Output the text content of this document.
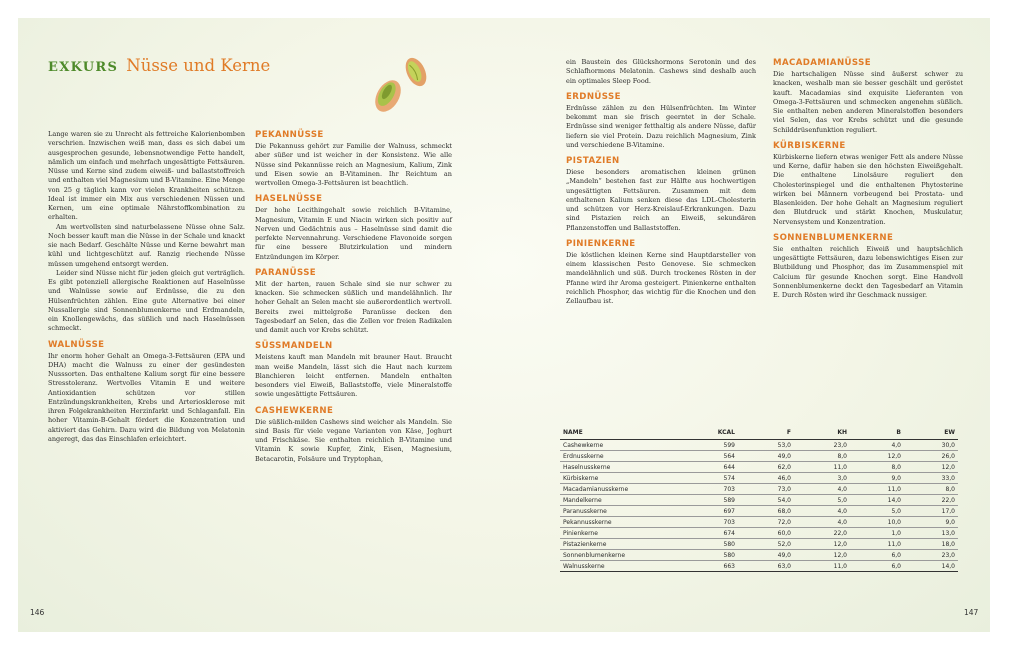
EXKURS Nüsse und Kerne

Lange waren sie zu Unrecht als fettreiche Kalorienbomben verschrien. Inzwischen weiß man, dass es sich dabei um ausgesprochen gesunde, lebensnotwendige Fette handelt, nämlich um einfach und mehrfach ungesättigte Fettsäuren. Nüsse und Kerne sind zudem eiweiß- und ballaststoffreich und enthalten viel Magnesium und B-Vitamine. Eine Menge von 25 g täglich kann vor vielen Krankheiten schützen. Ideal ist immer ein Mix aus verschiedenen Nüssen und Kernen, um eine optimale Nährstoffkombination zu erhalten.

Am wertvollsten sind naturbelassene Nüsse ohne Salz. Noch besser kauft man die Nüsse in der Schale und knackt sie nach Bedarf. Geschälte Nüsse und Kerne bewahrt man kühl und lichtgeschützt auf. Ranzig riechende Nüsse müssen umgehend entsorgt werden.

Leider sind Nüsse nicht für jeden gleich gut verträglich. Es gibt potenziell allergische Reaktionen auf Haselnüsse und Walnüsse sowie auf Erdnüsse, die zu den Hülsenfrüchten zählen. Eine gute Alternative bei einer Nussallergie sind Sonnenblumenkerne und Erdmandeln, ein Knollengewächs, das süßlich und nach Haselnüssen schmeckt.

WALNÜSSE

Ihr enorm hoher Gehalt an Omega-3-Fettsäuren (EPA und DHA) macht die Walnuss zu einer der gesündesten Nusssorten. Das enthaltene Kalium sorgt für eine bessere Stresstoleranz. Wertvolles Vitamin E und weitere Antioxidantien schützen vor stillen Entzündungskrankheiten, Krebs und Arteriosklerose mit ihren Folgekrankheiten Herzinfarkt und Schlaganfall. Ein hoher Vitamin-B-Gehalt fördert die Konzentration und aktiviert das Gehirn. Dazu wird die Bildung von Melatonin angeregt, das das Einschlafen erleichtert.

PEKANNÜSSE

Die Pekannuss gehört zur Familie der Walnuss, schmeckt aber süßer und ist weicher in der Konsistenz. Wie alle Nüsse sind Pekannüsse reich an Magnesium, Kalium, Zink und Eisen sowie an B-Vitaminen. Ihr Reichtum an wertvollen Omega-3-Fettsäuren ist beachtlich.

HASELNÜSSE

Der hohe Lecithingehalt sowie reichlich B-Vitamine, Magnesium, Vitamin E und Niacin wirken sich positiv auf Nerven und Gedächtnis aus – Haselnüsse sind damit die perfekte Nervennahrung. Verschiedene Flavonoide sorgen für eine bessere Blutzirkulation und mindern Entzündungen im Körper.

PARANÜSSE

Mit der harten, rauen Schale sind sie nur schwer zu knacken. Sie schmecken süßlich und mandelähnlich. Ihr hoher Gehalt an Selen macht sie außerordentlich wertvoll. Bereits zwei mittelgroße Paranüsse decken den Tagesbedarf an Selen, das die Zellen vor freien Radikalen und damit auch vor Krebs schützt.

SÜSSMANDELN

Meistens kauft man Mandeln mit brauner Haut. Braucht man weiße Mandeln, lässt sich die Haut nach kurzem Blanchieren leicht entfernen. Mandeln enthalten besonders viel Eiweiß, Ballaststoffe, viele Mineralstoffe sowie ungesättigte Fettsäuren.

CASHEWKERNE

Die süßlich-milden Cashews sind weicher als Mandeln. Sie sind Basis für viele vegane Varianten von Käse, Joghurt und Frischkäse. Sie enthalten reichlich B-Vitamine und Vitamin K sowie Kupfer, Zink, Eisen, Magnesium, Betacarotin, Folsäure und Tryptophan,

146

ein Baustein des Glückshormons Serotonin und des Schlafhormons Melatonin. Cashews sind deshalb auch ein optimales Sleep Food.

ERDNÜSSE

Erdnüsse zählen zu den Hülsenfrüchten. Im Winter bekommt man sie frisch geerntet in der Schale. Erdnüsse sind weniger fetthaltig als andere Nüsse, dafür liefern sie viel Protein. Dazu reichlich Magnesium, Zink und verschiedene B-Vitamine.

PISTAZIEN

Diese besonders aromatischen kleinen grünen „Mandeln“ bestehen fast zur Hälfte aus hochwertigen ungesättigten Fettsäuren. Zusammen mit dem enthaltenen Kalium senken diese das LDL-Cholesterin und schützen vor Herz-Kreislauf-Erkrankungen. Dazu sind Pistazien reich an Eiweiß, sekundären Pflanzenstoffen und Ballaststoffen.

PINIENKERNE

Die köstlichen kleinen Kerne sind Hauptdarsteller von einem klassischen Pesto Genovese. Sie schmecken mandelähnlich und süß. Durch trockenes Rösten in der Pfanne wird ihr Aroma gesteigert. Pinienkerne enthalten reichlich Phosphor, das wichtig für die Knochen und den Zellaufbau ist.

MACADAMIANÜSSE

Die hartschaligen Nüsse sind äußerst schwer zu knacken, weshalb man sie besser geschält und geröstet kauft. Macadamias sind exquisite Lieferanten von Omega-3-Fettsäuren und schmecken angenehm süßlich. Sie enthalten neben anderen Mineralstoffen besonders viel Selen, das vor Krebs schützt und die gesunde Schilddrüsenfunktion reguliert.

KÜRBISKERNE

Kürbiskerne liefern etwas weniger Fett als andere Nüsse und Kerne, dafür haben sie den höchsten Eiweißgehalt. Die enthaltene Linolsäure reguliert den Cholesterinspiegel und die enthaltenen Phytosterine wirken bei Männern vorbeugend bei Prostata- und Blasenleiden. Der hohe Gehalt an Magnesium reguliert den Blutdruck und stärkt Knochen, Muskulatur, Nervensystem und Konzentration.

SONNENBLUMENKERNE

Sie enthalten reichlich Eiweiß und hauptsächlich ungesättigte Fettsäuren, dazu lebenswichtiges Eisen zur Blutbildung und Phosphor, das im Zusammenspiel mit Calcium für gesunde Knochen sorgt. Eine Handvoll Sonnenblumenkerne deckt den Tagesbedarf an Vitamin E. Durch Rösten wird ihr Geschmack nussiger.

NAME	KCAL	F	KH	B	EW
Cashewkerne	599	53,0	23,0	4,0	30,0
Erdnusskerne	564	49,0	8,0	12,0	26,0
Haselnusskerne	644	62,0	11,0	8,0	12,0
Kürbiskerne	574	46,0	3,0	9,0	33,0
Macadamianusskerne	703	73,0	4,0	11,0	8,0
Mandelkerne	589	54,0	5,0	14,0	22,0
Paranusskerne	697	68,0	4,0	5,0	17,0
Pekannusskerne	703	72,0	4,0	10,0	9,0
Pinienkerne	674	60,0	22,0	1,0	13,0
Pistazienkerne	580	52,0	12,0	11,0	18,0
Sonnenblumenkerne	580	49,0	12,0	6,0	23,0
Walnusskerne	663	63,0	11,0	6,0	14,0
147
